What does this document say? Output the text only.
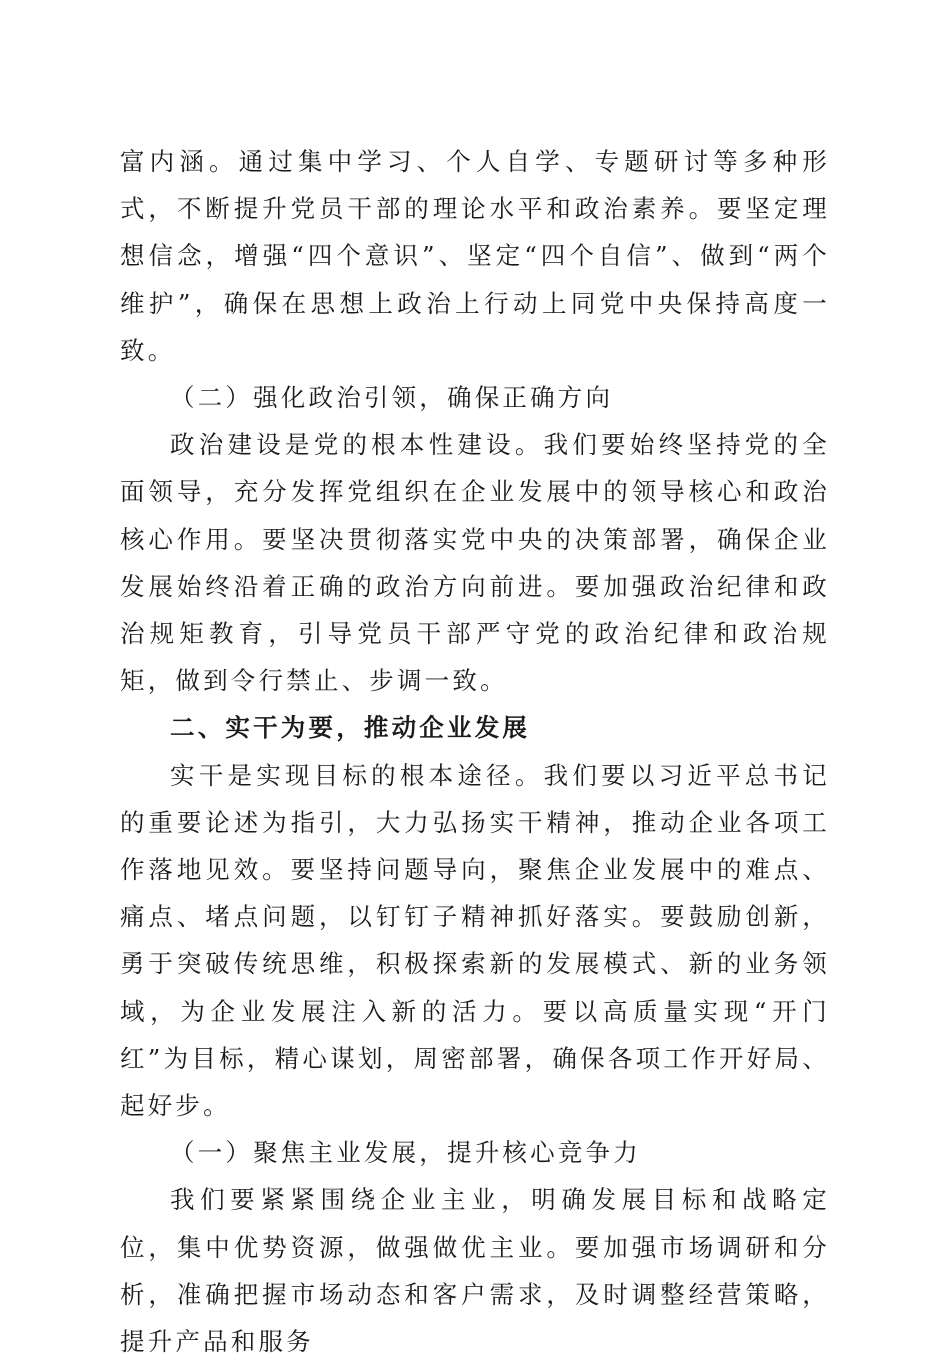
富内涵。通过集中学习、个人自学、专题研讨等多种形式，不断提升党员干部的理论水平和政治素养。要坚定理想信念，增强“四个意识”、坚定“四个自信”、做到“两个维护”，确保在思想上政治上行动上同党中央保持高度一致。

（二）强化政治引领，确保正确方向

政治建设是党的根本性建设。我们要始终坚持党的全面领导，充分发挥党组织在企业发展中的领导核心和政治核心作用。要坚决贯彻落实党中央的决策部署，确保企业发展始终沿着正确的政治方向前进。要加强政治纪律和政治规矩教育，引导党员干部严守党的政治纪律和政治规矩，做到令行禁止、步调一致。

二、实干为要，推动企业发展

实干是实现目标的根本途径。我们要以习近平总书记的重要论述为指引，大力弘扬实干精神，推动企业各项工作落地见效。要坚持问题导向，聚焦企业发展中的难点、痛点、堵点问题，以钉钉子精神抓好落实。要鼓励创新，勇于突破传统思维，积极探索新的发展模式、新的业务领域，为企业发展注入新的活力。要以高质量实现“开门红”为目标，精心谋划，周密部署，确保各项工作开好局、起好步。

（一）聚焦主业发展，提升核心竞争力

我们要紧紧围绕企业主业，明确发展目标和战略定位，集中优势资源，做强做优主业。要加强市场调研和分析，准确把握市场动态和客户需求，及时调整经营策略，提升产品和服务
